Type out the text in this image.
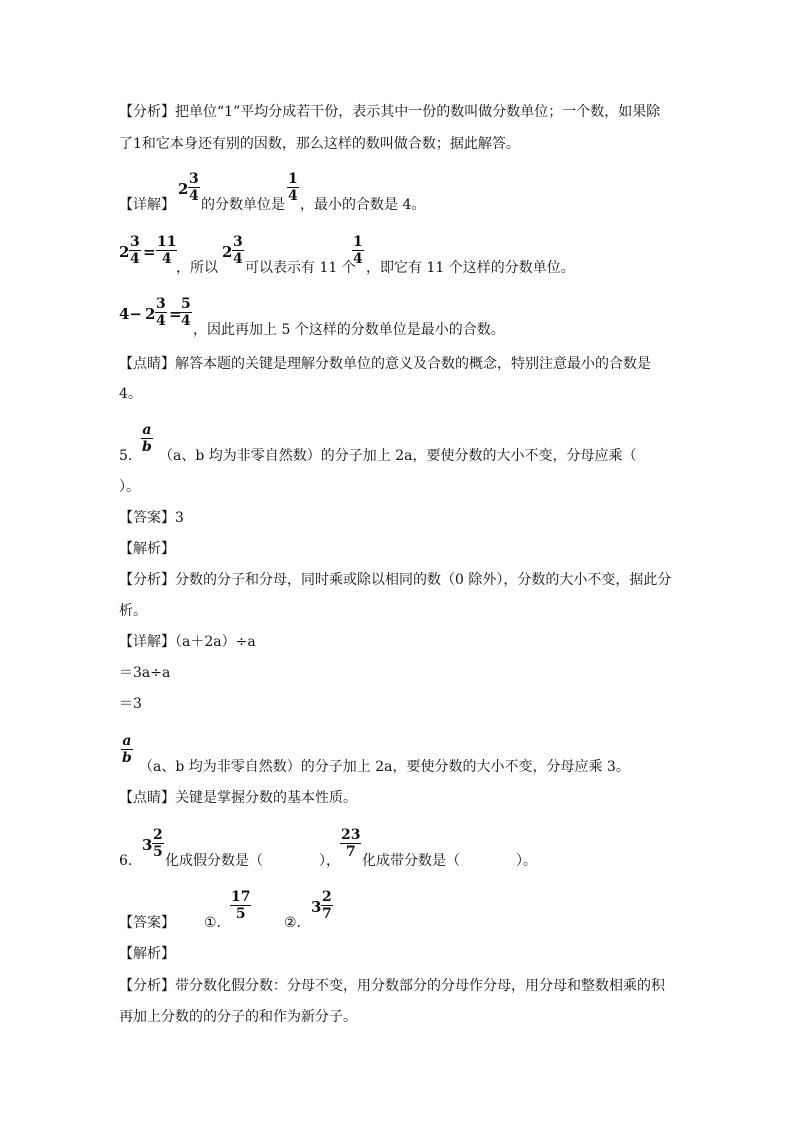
【分析】把单位“1”平均分成若干份，表示其中一份的数叫做分数单位；一个数，如果除
了1和它本身还有别的因数，那么这样的数叫做合数；据此解答。
【详解】
$2 \frac{3}{4}$
的分数单位是
$\frac{1}{4}$
，最小的合数是 4。
$2 \frac{3}{4} = \frac{11}{4}$
，所以
$2 \frac{3}{4}$
可以表示有 11 个
$\frac{1}{4}$
，即它有 11 个这样的分数单位。
$4- 2 \frac{3}{4}$ =
$\frac{5}{4}$
，因此再加上 5 个这样的分数单位是最小的合数。
【点睛】解答本题的关键是理解分数单位的意义及合数的概念，特别注意最小的合数是
4。
5.
$\frac{a}{b}$
（a、b 均为非零自然数）的分子加上 2a，要使分数的大小不变，分母应乘（
）。
【答案】3
【解析】
【分析】分数的分子和分母，同时乘或除以相同的数（0 除外），分数的大小不变，据此分
析。
【详解】（a＋2a）÷a
＝3a÷a
＝3
$\frac{a}{b}$
（a、b 均为非零自然数）的分子加上 2a，要使分数的大小不变，分母应乘 3。
【点睛】关键是掌握分数的基本性质。
6.
$3 \frac{2}{5}$
化成假分数是（　　　　），
$\frac{23}{7}$
化成带分数是（　　　　）。
【答案】 ①.
$\frac{17}{5}$
②.
$3 \frac{2}{7}$
【解析】
【分析】带分数化假分数：分母不变，用分数部分的分母作分母，用分母和整数相乘的积
再加上分数的的分子的和作为新分子。
